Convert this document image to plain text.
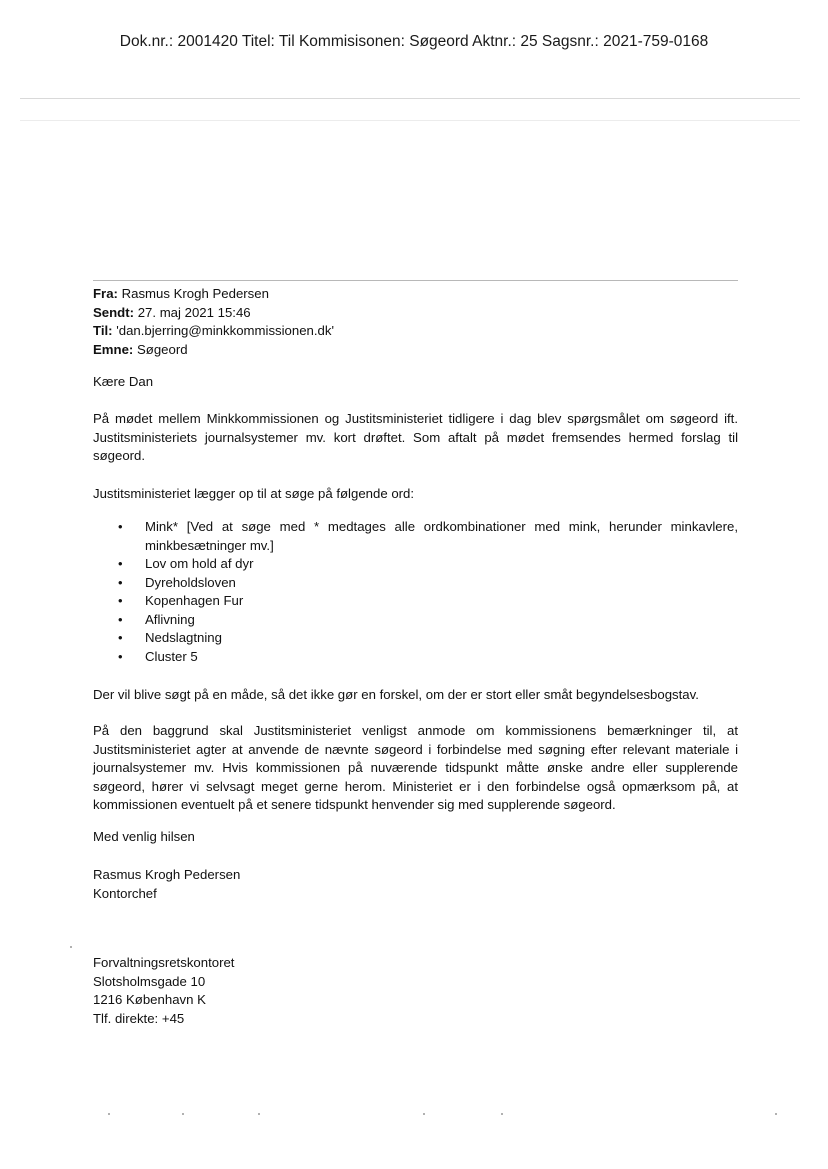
Dok.nr.: 2001420 Titel: Til Kommisisonen: Søgeord Aktnr.: 25 Sagsnr.: 2021-759-0168
Fra: Rasmus Krogh Pedersen
Sendt: 27. maj 2021 15:46
Til: 'dan.bjerring@minkkommissionen.dk'
Emne: Søgeord
Kære Dan
På mødet mellem Minkkommissionen og Justitsministeriet tidligere i dag blev spørgsmålet om søgeord ift. Justitsministeriets journalsystemer mv. kort drøftet. Som aftalt på mødet fremsendes hermed forslag til søgeord.
Justitsministeriet lægger op til at søge på følgende ord:
• Mink* [Ved at søge med * medtages alle ordkombinationer med mink, herunder minkavlere, minkbesætninger mv.]
• Lov om hold af dyr
• Dyreholdsloven
• Kopenhagen Fur
• Aflivning
• Nedslagtning
• Cluster 5
Der vil blive søgt på en måde, så det ikke gør en forskel, om der er stort eller småt begyndelsesbogstav.
På den baggrund skal Justitsministeriet venligst anmode om kommissionens bemærkninger til, at Justitsministeriet agter at anvende de nævnte søgeord i forbindelse med søgning efter relevant materiale i journalsystemer mv. Hvis kommissionen på nuværende tidspunkt måtte ønske andre eller supplerende søgeord, hører vi selvsagt meget gerne herom. Ministeriet er i den forbindelse også opmærksom på, at kommissionen eventuelt på et senere tidspunkt henvender sig med supplerende søgeord.
Med venlig hilsen
Rasmus Krogh Pedersen
Kontorchef
Forvaltningsretskontoret
Slotsholmsgade 10
1216 København K
Tlf. direkte: +45
